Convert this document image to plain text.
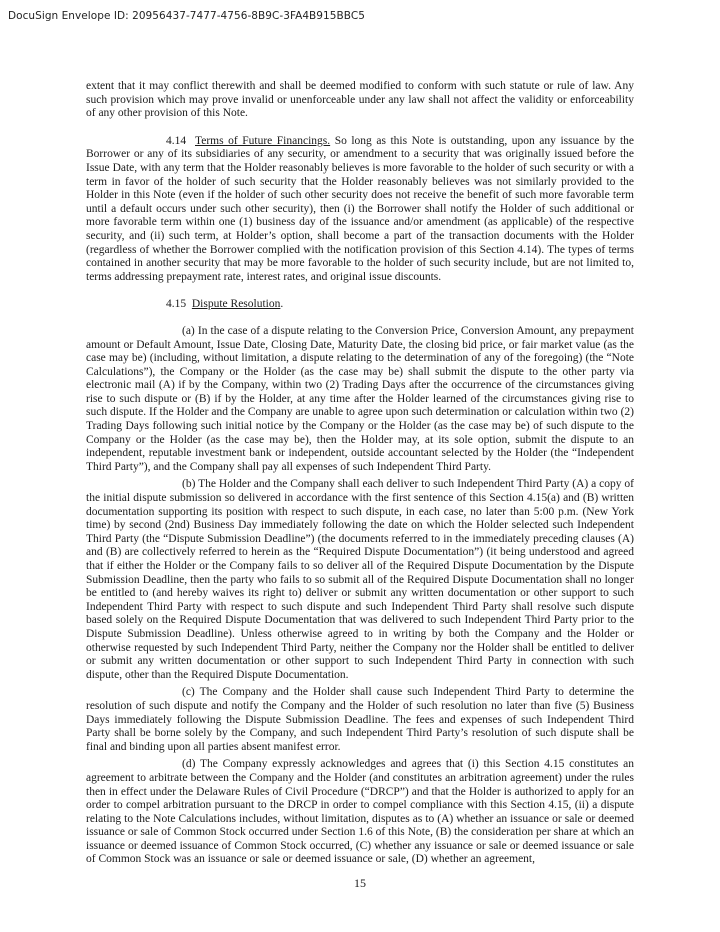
DocuSign Envelope ID: 20956437-7477-4756-8B9C-3FA4B915BBC5

extent that it may conflict therewith and shall be deemed modified to conform with such statute or rule of law. Any such provision which may prove invalid or unenforceable under any law shall not affect the validity or enforceability of any other provision of this Note.

4.14 Terms of Future Financings. So long as this Note is outstanding, upon any issuance by the Borrower or any of its subsidiaries of any security, or amendment to a security that was originally issued before the Issue Date, with any term that the Holder reasonably believes is more favorable to the holder of such security or with a term in favor of the holder of such security that the Holder reasonably believes was not similarly provided to the Holder in this Note (even if the holder of such other security does not receive the benefit of such more favorable term until a default occurs under such other security), then (i) the Borrower shall notify the Holder of such additional or more favorable term within one (1) business day of the issuance and/or amendment (as applicable) of the respective security, and (ii) such term, at Holder’s option, shall become a part of the transaction documents with the Holder (regardless of whether the Borrower complied with the notification provision of this Section 4.14). The types of terms contained in another security that may be more favorable to the holder of such security include, but are not limited to, terms addressing prepayment rate, interest rates, and original issue discounts.

4.15 Dispute Resolution.

(a) In the case of a dispute relating to the Conversion Price, Conversion Amount, any prepayment amount or Default Amount, Issue Date, Closing Date, Maturity Date, the closing bid price, or fair market value (as the case may be) (including, without limitation, a dispute relating to the determination of any of the foregoing) (the “Note Calculations”), the Company or the Holder (as the case may be) shall submit the dispute to the other party via electronic mail (A) if by the Company, within two (2) Trading Days after the occurrence of the circumstances giving rise to such dispute or (B) if by the Holder, at any time after the Holder learned of the circumstances giving rise to such dispute. If the Holder and the Company are unable to agree upon such determination or calculation within two (2) Trading Days following such initial notice by the Company or the Holder (as the case may be) of such dispute to the Company or the Holder (as the case may be), then the Holder may, at its sole option, submit the dispute to an independent, reputable investment bank or independent, outside accountant selected by the Holder (the “Independent Third Party”), and the Company shall pay all expenses of such Independent Third Party.

(b) The Holder and the Company shall each deliver to such Independent Third Party (A) a copy of the initial dispute submission so delivered in accordance with the first sentence of this Section 4.15(a) and (B) written documentation supporting its position with respect to such dispute, in each case, no later than 5:00 p.m. (New York time) by second (2nd) Business Day immediately following the date on which the Holder selected such Independent Third Party (the “Dispute Submission Deadline”) (the documents referred to in the immediately preceding clauses (A) and (B) are collectively referred to herein as the “Required Dispute Documentation”) (it being understood and agreed that if either the Holder or the Company fails to so deliver all of the Required Dispute Documentation by the Dispute Submission Deadline, then the party who fails to so submit all of the Required Dispute Documentation shall no longer be entitled to (and hereby waives its right to) deliver or submit any written documentation or other support to such Independent Third Party with respect to such dispute and such Independent Third Party shall resolve such dispute based solely on the Required Dispute Documentation that was delivered to such Independent Third Party prior to the Dispute Submission Deadline). Unless otherwise agreed to in writing by both the Company and the Holder or otherwise requested by such Independent Third Party, neither the Company nor the Holder shall be entitled to deliver or submit any written documentation or other support to such Independent Third Party in connection with such dispute, other than the Required Dispute Documentation.

(c) The Company and the Holder shall cause such Independent Third Party to determine the resolution of such dispute and notify the Company and the Holder of such resolution no later than five (5) Business Days immediately following the Dispute Submission Deadline. The fees and expenses of such Independent Third Party shall be borne solely by the Company, and such Independent Third Party’s resolution of such dispute shall be final and binding upon all parties absent manifest error.

(d) The Company expressly acknowledges and agrees that (i) this Section 4.15 constitutes an agreement to arbitrate between the Company and the Holder (and constitutes an arbitration agreement) under the rules then in effect under the Delaware Rules of Civil Procedure (“DRCP”) and that the Holder is authorized to apply for an order to compel arbitration pursuant to the DRCP in order to compel compliance with this Section 4.15, (ii) a dispute relating to the Note Calculations includes, without limitation, disputes as to (A) whether an issuance or sale or deemed issuance or sale of Common Stock occurred under Section 1.6 of this Note, (B) the consideration per share at which an issuance or deemed issuance of Common Stock occurred, (C) whether any issuance or sale or deemed issuance or sale of Common Stock was an issuance or sale or deemed issuance or sale, (D) whether an agreement,

15
